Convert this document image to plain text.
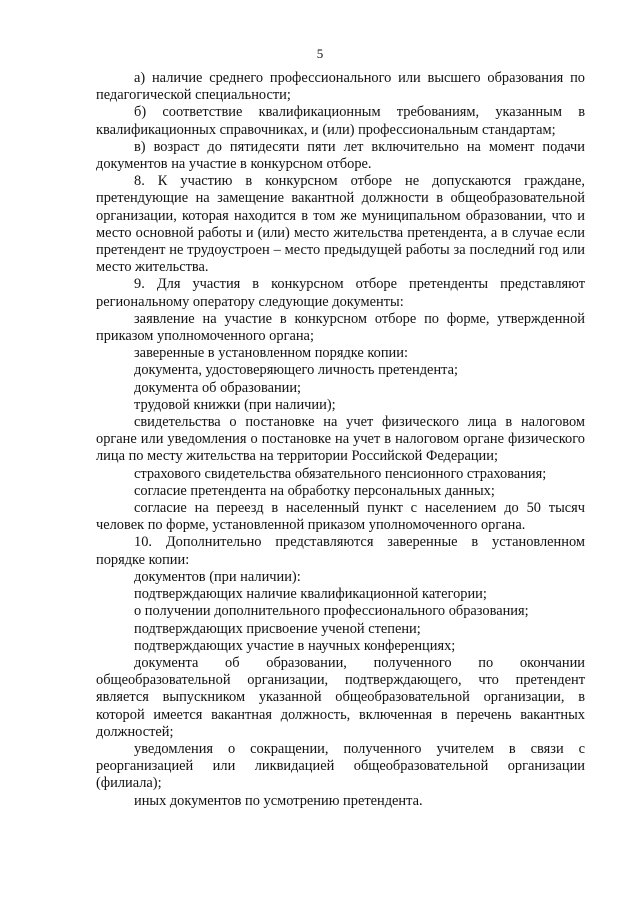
5

а) наличие среднего профессионального или высшего образования по педагогической специальности;

б) соответствие квалификационным требованиям, указанным в квалификационных справочниках, и (или) профессиональным стандартам;

в) возраст до пятидесяти пяти лет включительно на момент подачи документов на участие в конкурсном отборе.

8. К участию в конкурсном отборе не допускаются граждане, претендующие на замещение вакантной должности в общеобразовательной организации, которая находится в том же муниципальном образовании, что и место основной работы и (или) место жительства претендента, а в случае если претендент не трудоустроен – место предыдущей работы за последний год или место жительства.

9. Для участия в конкурсном отборе претенденты представляют региональному оператору следующие документы:

заявление на участие в конкурсном отборе по форме, утвержденной приказом уполномоченного органа;

заверенные в установленном порядке копии:

документа, удостоверяющего личность претендента;

документа об образовании;

трудовой книжки (при наличии);

свидетельства о постановке на учет физического лица в налоговом органе или уведомления о постановке на учет в налоговом органе физического лица по месту жительства на территории Российской Федерации;

страхового свидетельства обязательного пенсионного страхования;

согласие претендента на обработку персональных данных;

согласие на переезд в населенный пункт с населением до 50 тысяч человек по форме, установленной приказом уполномоченного органа.

10. Дополнительно представляются заверенные в установленном порядке копии:

документов (при наличии):

подтверждающих наличие квалификационной категории;

о получении дополнительного профессионального образования;

подтверждающих присвоение ученой степени;

подтверждающих участие в научных конференциях;

документа об образовании, полученного по окончании общеобразовательной организации, подтверждающего, что претендент является выпускником указанной общеобразовательной организации, в которой имеется вакантная должность, включенная в перечень вакантных должностей;

уведомления о сокращении, полученного учителем в связи с реорганизацией или ликвидацией общеобразовательной организации (филиала);

иных документов по усмотрению претендента.
